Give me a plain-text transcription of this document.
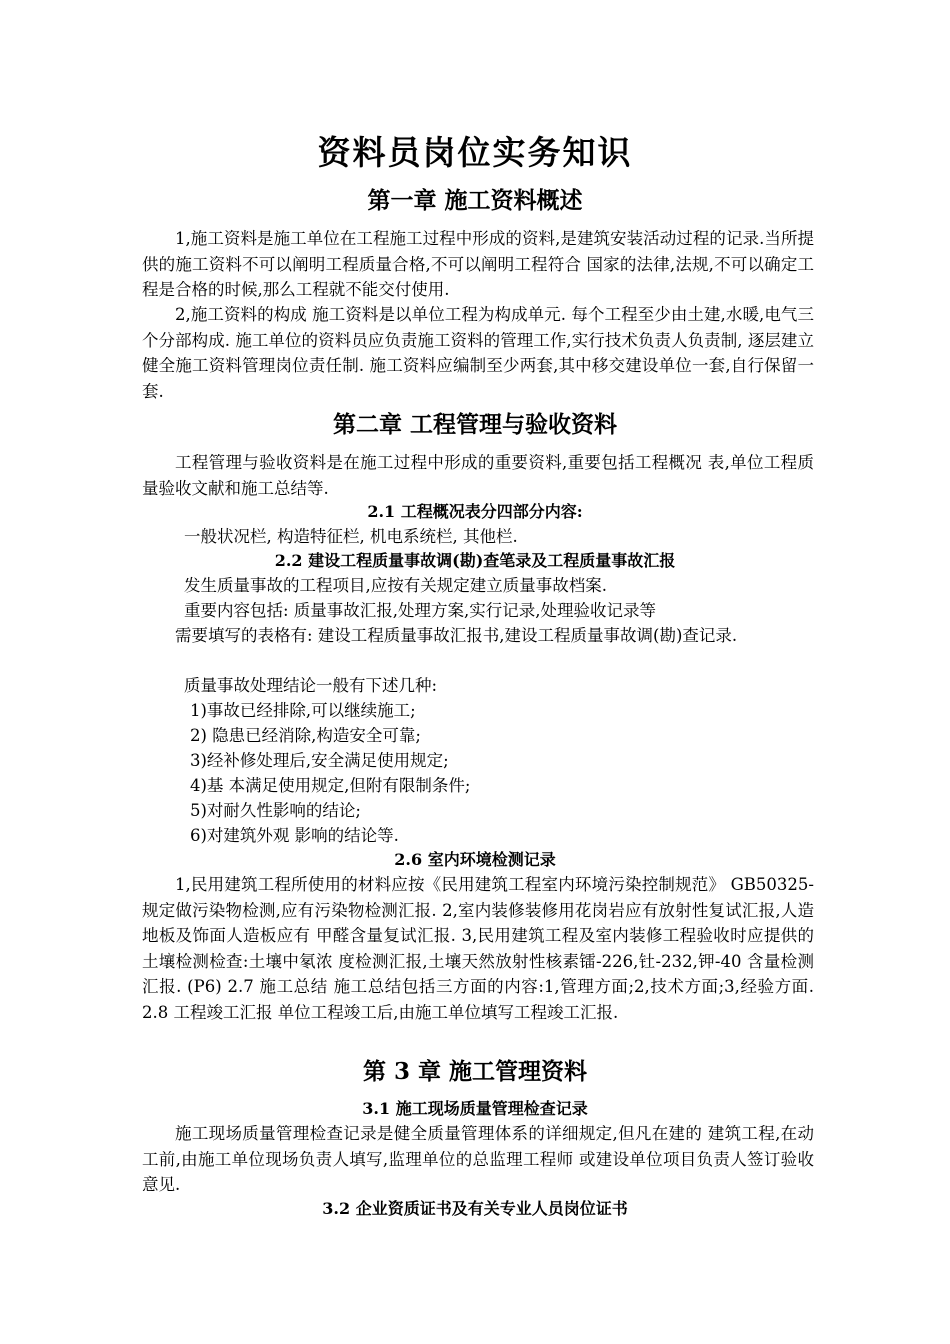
资料员岗位实务知识
第一章 施工资料概述
1,施工资料是施工单位在工程施工过程中形成的资料,是建筑安装活动过程的记录.当所提供的施工资料不可以阐明工程质量合格,不可以阐明工程符合 国家的法律,法规,不可以确定工程是合格的时候,那么工程就不能交付使用.
2,施工资料的构成 施工资料是以单位工程为构成单元. 每个工程至少由土建,水暖,电气三个分部构成. 施工单位的资料员应负责施工资料的管理工作,实行技术负责人负责制, 逐层建立健全施工资料管理岗位责任制. 施工资料应编制至少两套,其中移交建设单位一套,自行保留一套.
第二章 工程管理与验收资料
工程管理与验收资料是在施工过程中形成的重要资料,重要包括工程概况 表,单位工程质量验收文献和施工总结等.
2.1 工程概况表分四部分内容:
一般状况栏, 构造特征栏, 机电系统栏, 其他栏.
2.2 建设工程质量事故调(勘)查笔录及工程质量事故汇报
发生质量事故的工程项目,应按有关规定建立质量事故档案.
重要内容包括: 质量事故汇报,处理方案,实行记录,处理验收记录等
需要填写的表格有: 建设工程质量事故汇报书,建设工程质量事故调(勘)查记录.
质量事故处理结论一般有下述几种:
1)事故已经排除,可以继续施工;
2) 隐患已经消除,构造安全可靠;
3)经补修处理后,安全满足使用规定;
4)基 本满足使用规定,但附有限制条件;
5)对耐久性影响的结论;
6)对建筑外观 影响的结论等.
2.6 室内环境检测记录
1,民用建筑工程所使用的材料应按《民用建筑工程室内环境污染控制规范》 GB50325- 规定做污染物检测,应有污染物检测汇报. 2,室内装修装修用花岗岩应有放射性复试汇报,人造地板及饰面人造板应有 甲醛含量复试汇报. 3,民用建筑工程及室内装修工程验收时应提供的土壤检测检查:土壤中氡浓 度检测汇报,土壤天然放射性核素镭-226,钍-232,钾-40 含量检测汇报. (P6) 2.7 施工总结 施工总结包括三方面的内容:1,管理方面;2,技术方面;3,经验方面. 2.8 工程竣工汇报 单位工程竣工后,由施工单位填写工程竣工汇报.
第 3 章 施工管理资料
3.1 施工现场质量管理检查记录
施工现场质量管理检查记录是健全质量管理体系的详细规定,但凡在建的 建筑工程,在动工前,由施工单位现场负责人填写,监理单位的总监理工程师 或建设单位项目负责人签订验收意见.
3.2 企业资质证书及有关专业人员岗位证书
